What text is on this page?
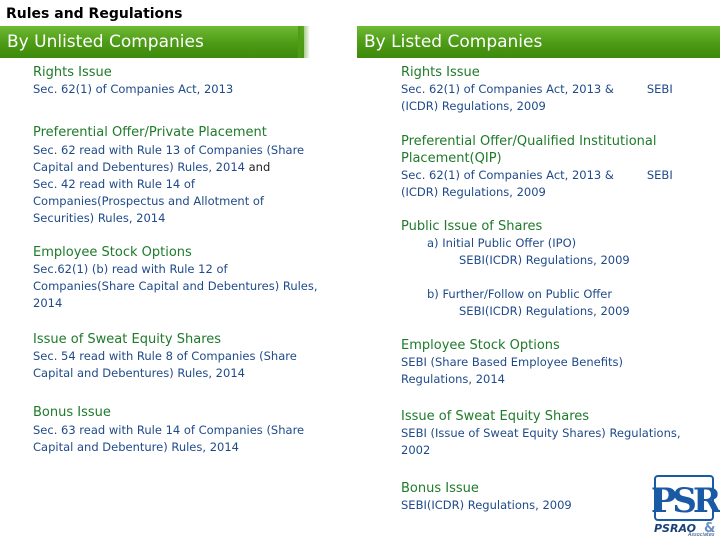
Rules and Regulations
By Unlisted Companies	By Listed Companies
Rights Issue
Sec. 62(1) of Companies Act, 2013
Preferential Offer/Private Placement
Sec. 62 read with Rule 13 of Companies (Share
Capital and Debentures) Rules, 2014 and
Sec. 42 read with Rule 14 of
Companies(Prospectus and Allotment of
Securities) Rules, 2014
Employee Stock Options
Sec.62(1) (b) read with Rule 12 of
Companies(Share Capital and Debentures) Rules,
2014
Issue of Sweat Equity Shares
Sec. 54 read with Rule 8 of Companies (Share
Capital and Debentures) Rules, 2014
Bonus Issue
Sec. 63 read with Rule 14 of Companies (Share
Capital and Debenture) Rules, 2014
Rights Issue
Sec. 62(1) of Companies Act, 2013 &	SEBI
(ICDR) Regulations, 2009
Preferential Offer/Qualified Institutional
Placement(QIP)
Sec. 62(1) of Companies Act, 2013 &	SEBI
(ICDR) Regulations, 2009
Public Issue of Shares
a) Initial Public Offer (IPO)
SEBI(ICDR) Regulations, 2009
b) Further/Follow on Public Offer
SEBI(ICDR) Regulations, 2009
Employee Stock Options
SEBI (Share Based Employee Benefits)
Regulations, 2014
Issue of Sweat Equity Shares
SEBI (Issue of Sweat Equity Shares) Regulations,
2002
Bonus Issue
SEBI(ICDR) Regulations, 2009	PSR
PSRAO &
Associates
